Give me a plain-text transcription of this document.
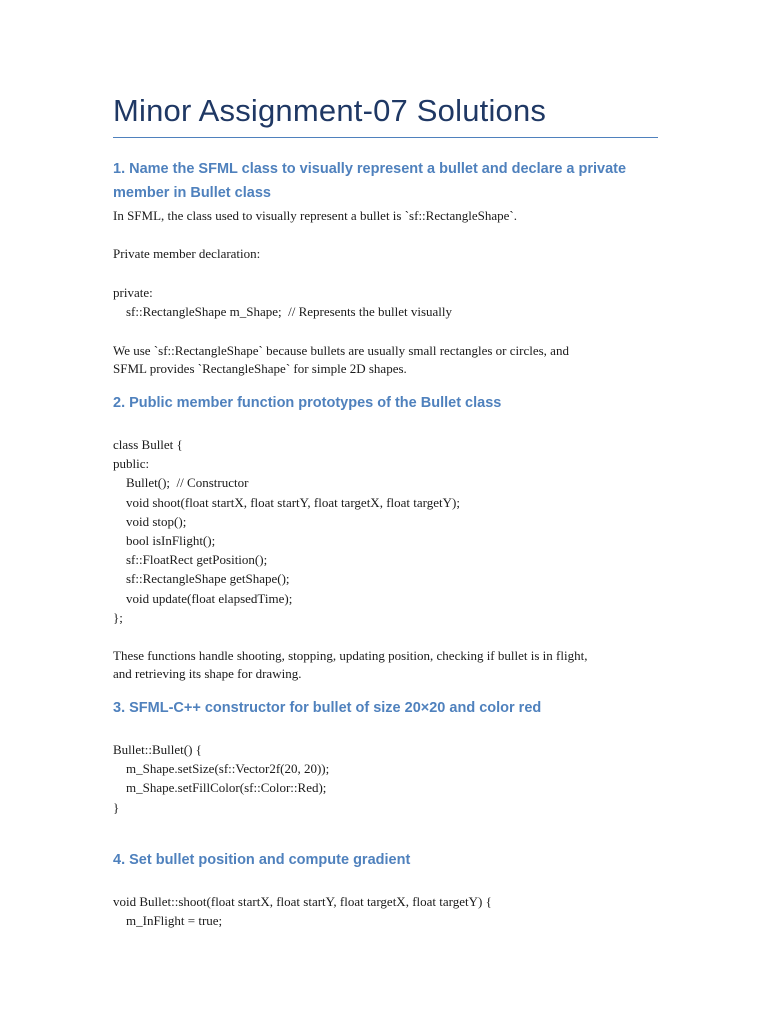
Minor Assignment-07 Solutions
1. Name the SFML class to visually represent a bullet and declare a private
member in Bullet class

In SFML, the class used to visually represent a bullet is `sf::RectangleShape`.

Private member declaration:

private:
sf::RectangleShape m_Shape;  // Represents the bullet visually

We use `sf::RectangleShape` because bullets are usually small rectangles or circles, and

SFML provides `RectangleShape` for simple 2D shapes.

2. Public member function prototypes of the Bullet class
class Bullet {
public:
Bullet();  // Constructor
void shoot(float startX, float startY, float targetX, float targetY);
void stop();
bool isInFlight();
sf::FloatRect getPosition();
sf::RectangleShape getShape();
void update(float elapsedTime);
};

These functions handle shooting, stopping, updating position, checking if bullet is in flight,

and retrieving its shape for drawing.

3. SFML-C++ constructor for bullet of size 20×20 and color red
Bullet::Bullet() {
m_Shape.setSize(sf::Vector2f(20, 20));
m_Shape.setFillColor(sf::Color::Red);
}
4. Set bullet position and compute gradient
void Bullet::shoot(float startX, float startY, float targetX, float targetY) {
m_InFlight = true;
